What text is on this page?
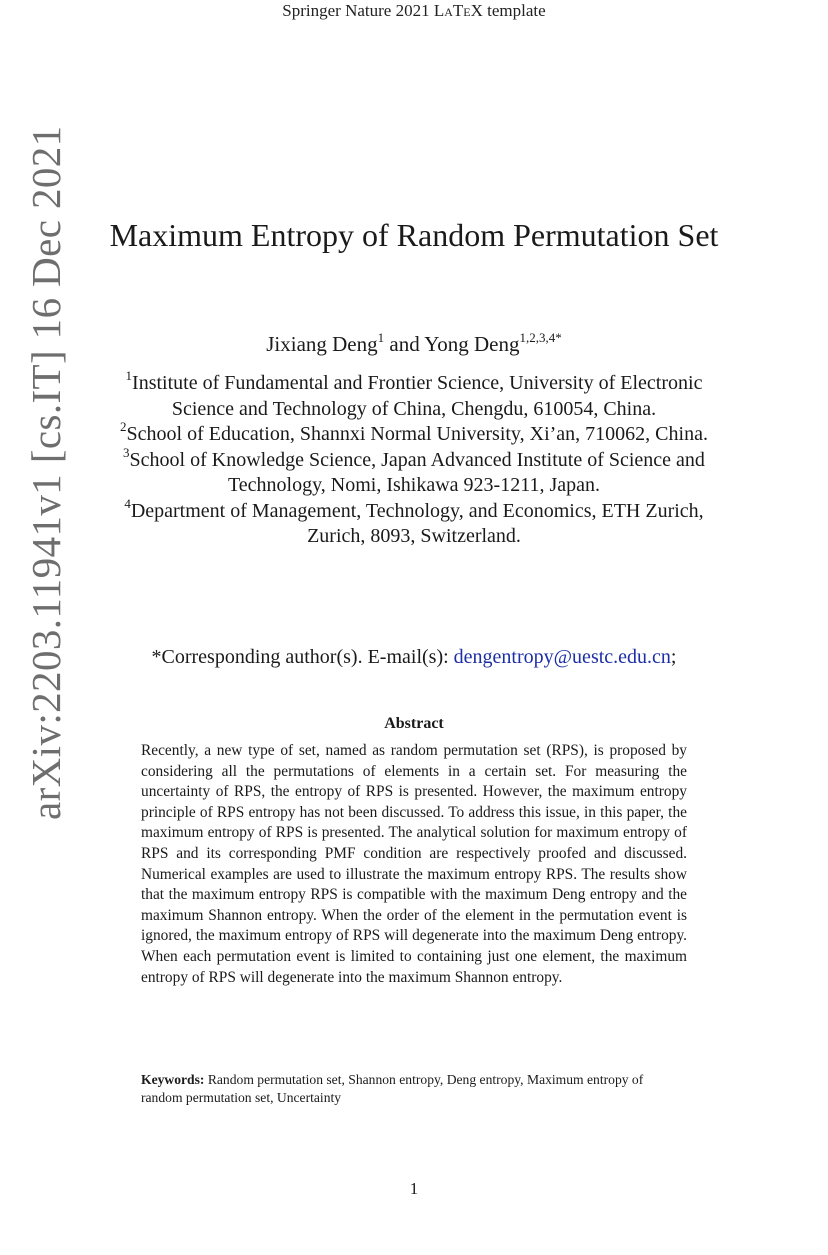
Springer Nature 2021 LaTeX template
arXiv:2203.11941v1 [cs.IT] 16 Dec 2021 Maximum Entropy of Random Permutation Set
Jixiang Deng$^1$ and Yong Deng$^{1,2,3,4*}$
$^1$Institute of Fundamental and Frontier Science, University of Electronic Science and Technology of China, Chengdu, 610054, China.
$^2$School of Education, Shannxi Normal University, Xi’an, 710062, China.
$^3$School of Knowledge Science, Japan Advanced Institute of Science and Technology, Nomi, Ishikawa 923-1211, Japan.
$^4$Department of Management, Technology, and Economics, ETH Zurich, Zurich, 8093, Switzerland.
*Corresponding author(s). E-mail(s): dengentropy@uestc.edu.cn;
Abstract
Recently, a new type of set, named as random permutation set (RPS), is proposed by considering all the permutations of elements in a certain set. For measuring the uncertainty of RPS, the entropy of RPS is presented. However, the maximum entropy principle of RPS entropy has not been discussed. To address this issue, in this paper, the maximum entropy of RPS is presented. The analytical solution for maximum entropy of RPS and its corresponding PMF condition are respectively proofed and discussed. Numerical examples are used to illustrate the maximum entropy RPS. The results show that the maximum entropy RPS is compatible with the maximum Deng entropy and the maximum Shannon entropy. When the order of the element in the permutation event is ignored, the maximum entropy of RPS will degenerate into the maximum Deng entropy. When each permutation event is limited to containing just one element, the maximum entropy of RPS will degenerate into the maximum Shannon entropy.
Keywords: Random permutation set, Shannon entropy, Deng entropy, Maximum entropy of random permutation set, Uncertainty
1
